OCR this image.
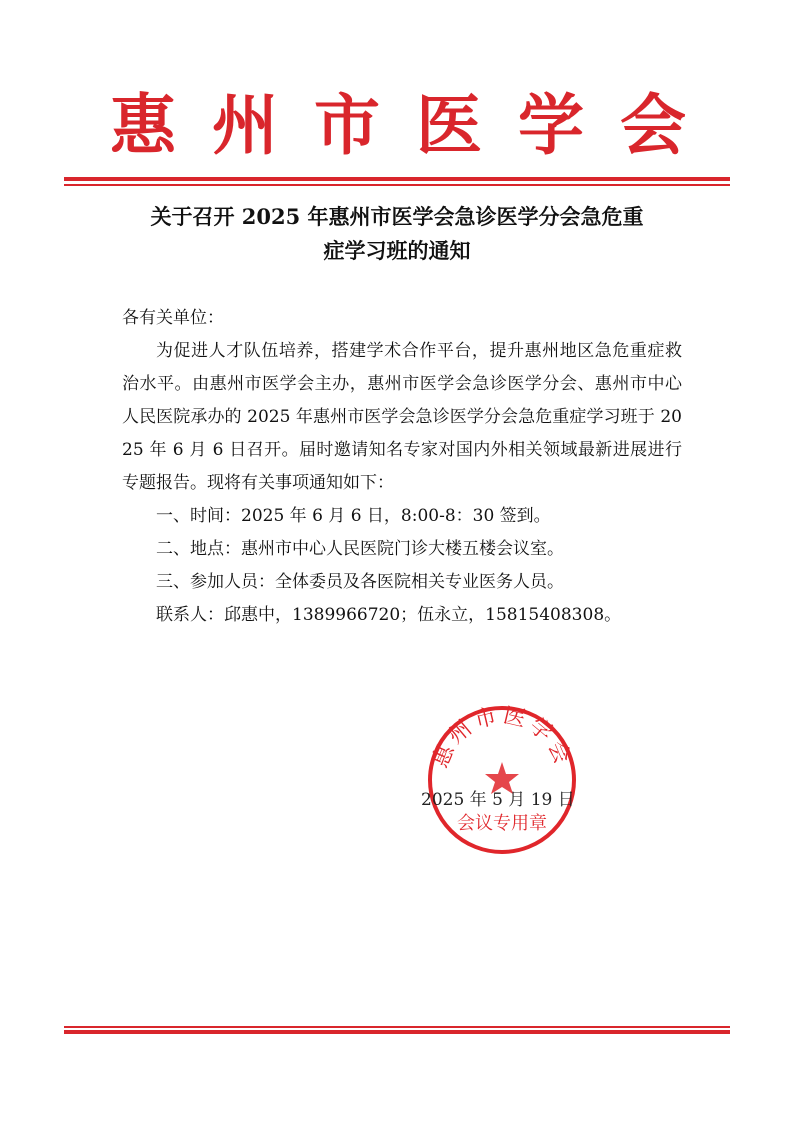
惠 州 市 医 学 会
关于召开 2025 年惠州市医学会急诊医学分会急危重
症学习班的通知

各有关单位：

为促进人才队伍培养，搭建学术合作平台，提升惠州地区急危重症救治水平。由惠州市医学会主办，惠州市医学会急诊医学分会、惠州市中心人民医院承办的 2025 年惠州市医学会急诊医学分会急危重症学习班于 2025 年 6 月 6 日召开。届时邀请知名专家对国内外相关领域最新进展进行专题报告。现将有关事项通知如下：

一、时间：2025 年 6 月 6 日，8:00-8：30 签到。

二、地点：惠州市中心人民医院门诊大楼五楼会议室。

三、参加人员：全体委员及各医院相关专业医务人员。

联系人：邱惠中，13899667​20；伍永立，15815408308。

惠州市医学会
会议专用章
2025 年 5 月 19 日
